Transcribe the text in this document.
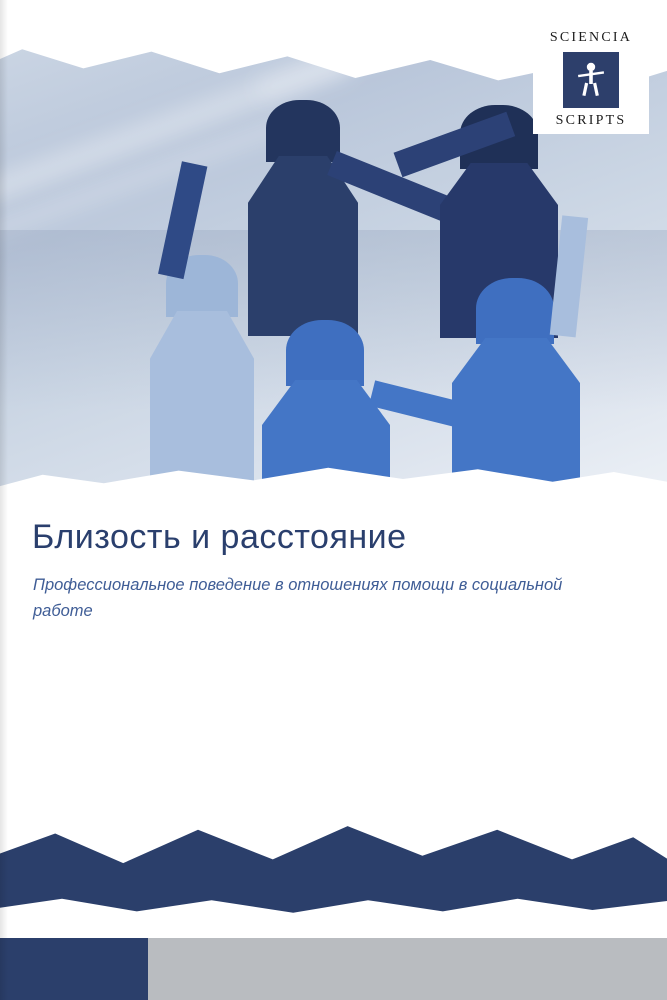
SCIENCIA
SCRIPTS
Близость и расстояние
Профессиональное поведение в отношениях помощи в социальной работе
